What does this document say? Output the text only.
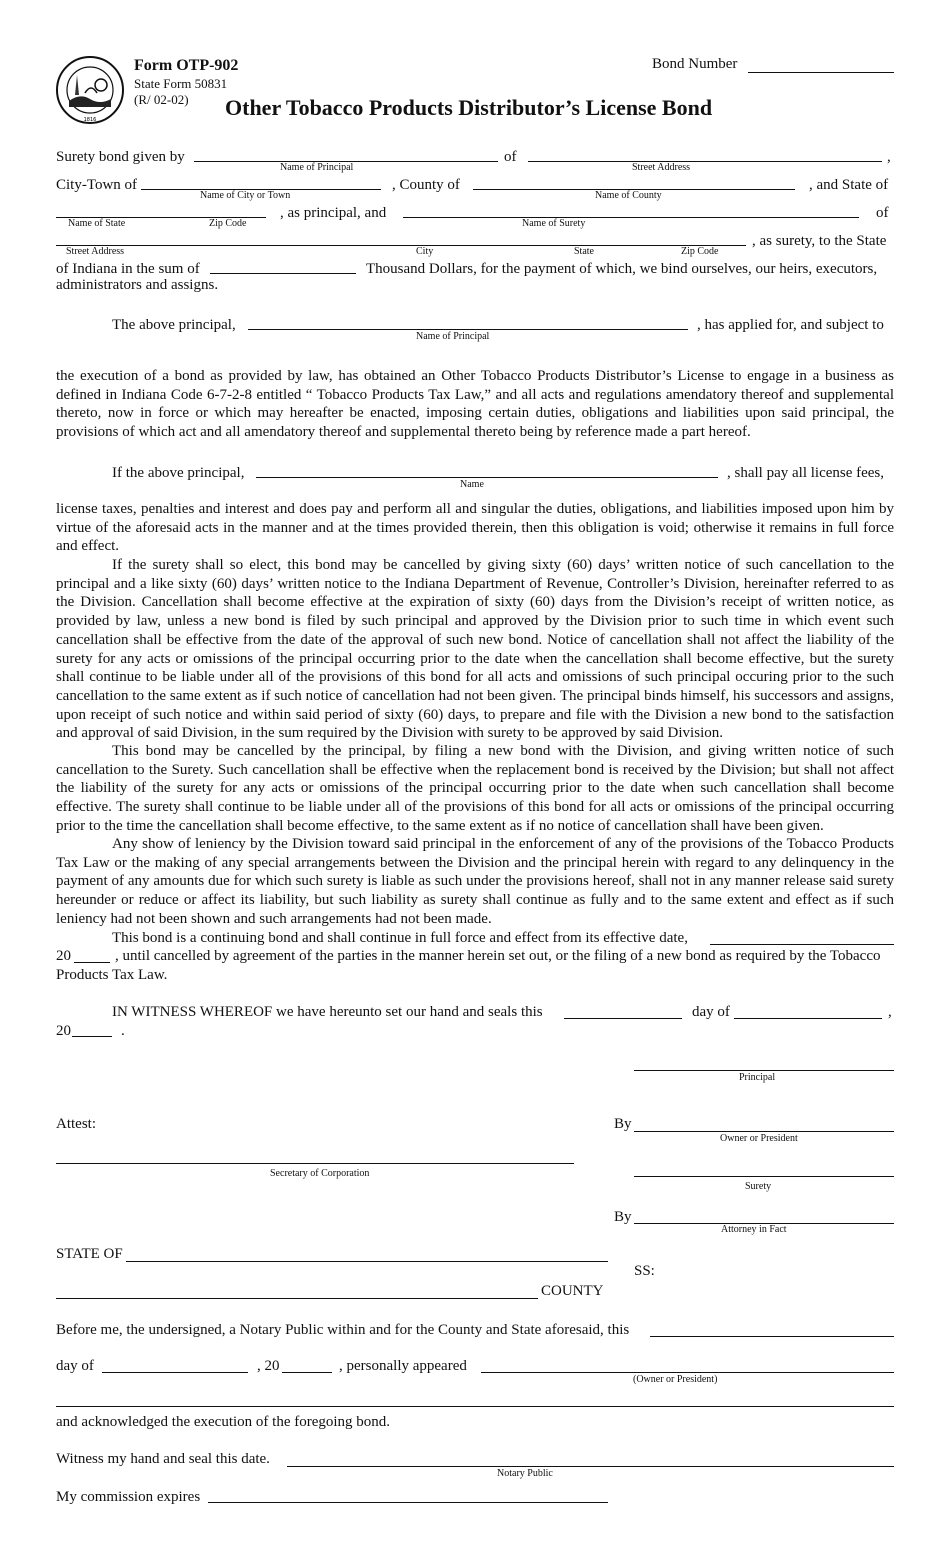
1816
Form OTP-902
State Form 50831
(R/ 02-02) Other Tobacco Products Distributor’s License Bond
Bond Number
Surety bond given by	of	,
Name of Principal	Street Address
City-Town of	, County of	, and State of
Name of City or Town	Name of County
, as principal, and	of
Name of State	Zip Code	Name of Surety
, as surety, to the State
Street Address	City	State	Zip Code
of Indiana in the sum of	Thousand Dollars, for the payment of which, we bind ourselves, our heirs, executors,
administrators and assigns.
The above principal,	, has applied for, and subject to
Name of Principal
the execution of a bond as provided by law, has obtained an Other Tobacco Products Distributor’s License to engage in a business as defined in Indiana Code 6-7-2-8 entitled “ Tobacco Products Tax Law,” and all acts and regulations amendatory thereof and supplemental thereto, now in force or which may hereafter be enacted, imposing certain duties, obligations and liabilities upon said principal, the provisions of which act and all amendatory thereof and supplemental thereto being by reference made a part hereof.
If the above principal,	, shall pay all license fees,
Name
license taxes, penalties and interest and does pay and perform all and singular the duties, obligations, and liabilities imposed upon him by virtue of the aforesaid acts in the manner and at the times provided therein, then this obligation is void; otherwise it remains in full force and effect.
If the surety shall so elect, this bond may be cancelled by giving sixty (60) days’ written notice of such cancellation to the principal and a like sixty (60) days’ written notice to the Indiana Department of Revenue, Controller’s Division, hereinafter referred to as the Division. Cancellation shall become effective at the expiration of sixty (60) days from the Division’s receipt of written notice, as provided by law, unless a new bond is filed by such principal and approved by the Division prior to such time in which event such cancellation shall be effective from the date of the approval of such new bond. Notice of cancellation shall not affect the liability of the surety for any acts or omissions of the principal occurring prior to the date when the cancellation shall become effective, but the surety shall continue to be liable under all of the provisions of this bond for all acts and omissions of such principal occuring prior to the such cancellation to the same extent as if such notice of cancellation had not been given. The principal binds himself, his successors and assigns, upon receipt of such notice and within said period of sixty (60) days, to prepare and file with the Division a new bond to the satisfaction and approval of said Division, in the sum required by the Division with surety to be approved by said Division.
This bond may be cancelled by the principal, by filing a new bond with the Division, and giving written notice of such cancellation to the Surety. Such cancellation shall be effective when the replacement bond is received by the Division; but shall not affect the liability of the surety for any acts or omissions of the principal occurring prior to the date when such cancellation shall become effective. The surety shall continue to be liable under all of the provisions of this bond for all acts or omissions of the principal occurring prior to the time the cancellation shall become effective, to the same extent as if no notice of cancellation shall have been given.
Any show of leniency by the Division toward said principal in the enforcement of any of the provisions of the Tobacco Products Tax Law or the making of any special arrangements between the Division and the principal herein with regard to any delinquency in the payment of any amounts due for which such surety is liable as such under the provisions hereof, shall not in any manner release said surety hereunder or reduce or affect its liability, but such liability as surety shall continue as fully and to the same extent and effect as if such leniency had not been shown and such arrangements had not been made.
This bond is a continuing bond and shall continue in full force and effect from its effective date,
20	, until cancelled by agreement of the parties in the manner herein set out, or the filing of a new bond as required by the Tobacco
Products Tax Law.
IN WITNESS WHEREOF we have hereunto set our hand and seals this	day of	,
20	.
Principal
Attest:	By
Owner or President
Secretary of Corporation
Surety
By
Attorney in Fact
STATE OF
SS:
COUNTY
Before me, the undersigned, a Notary Public within and for the County and State aforesaid, this
day of	, 20	, personally appeared
(Owner or President)
and acknowledged the execution of the foregoing bond.
Witness my hand and seal this date.
Notary Public
My commission expires
